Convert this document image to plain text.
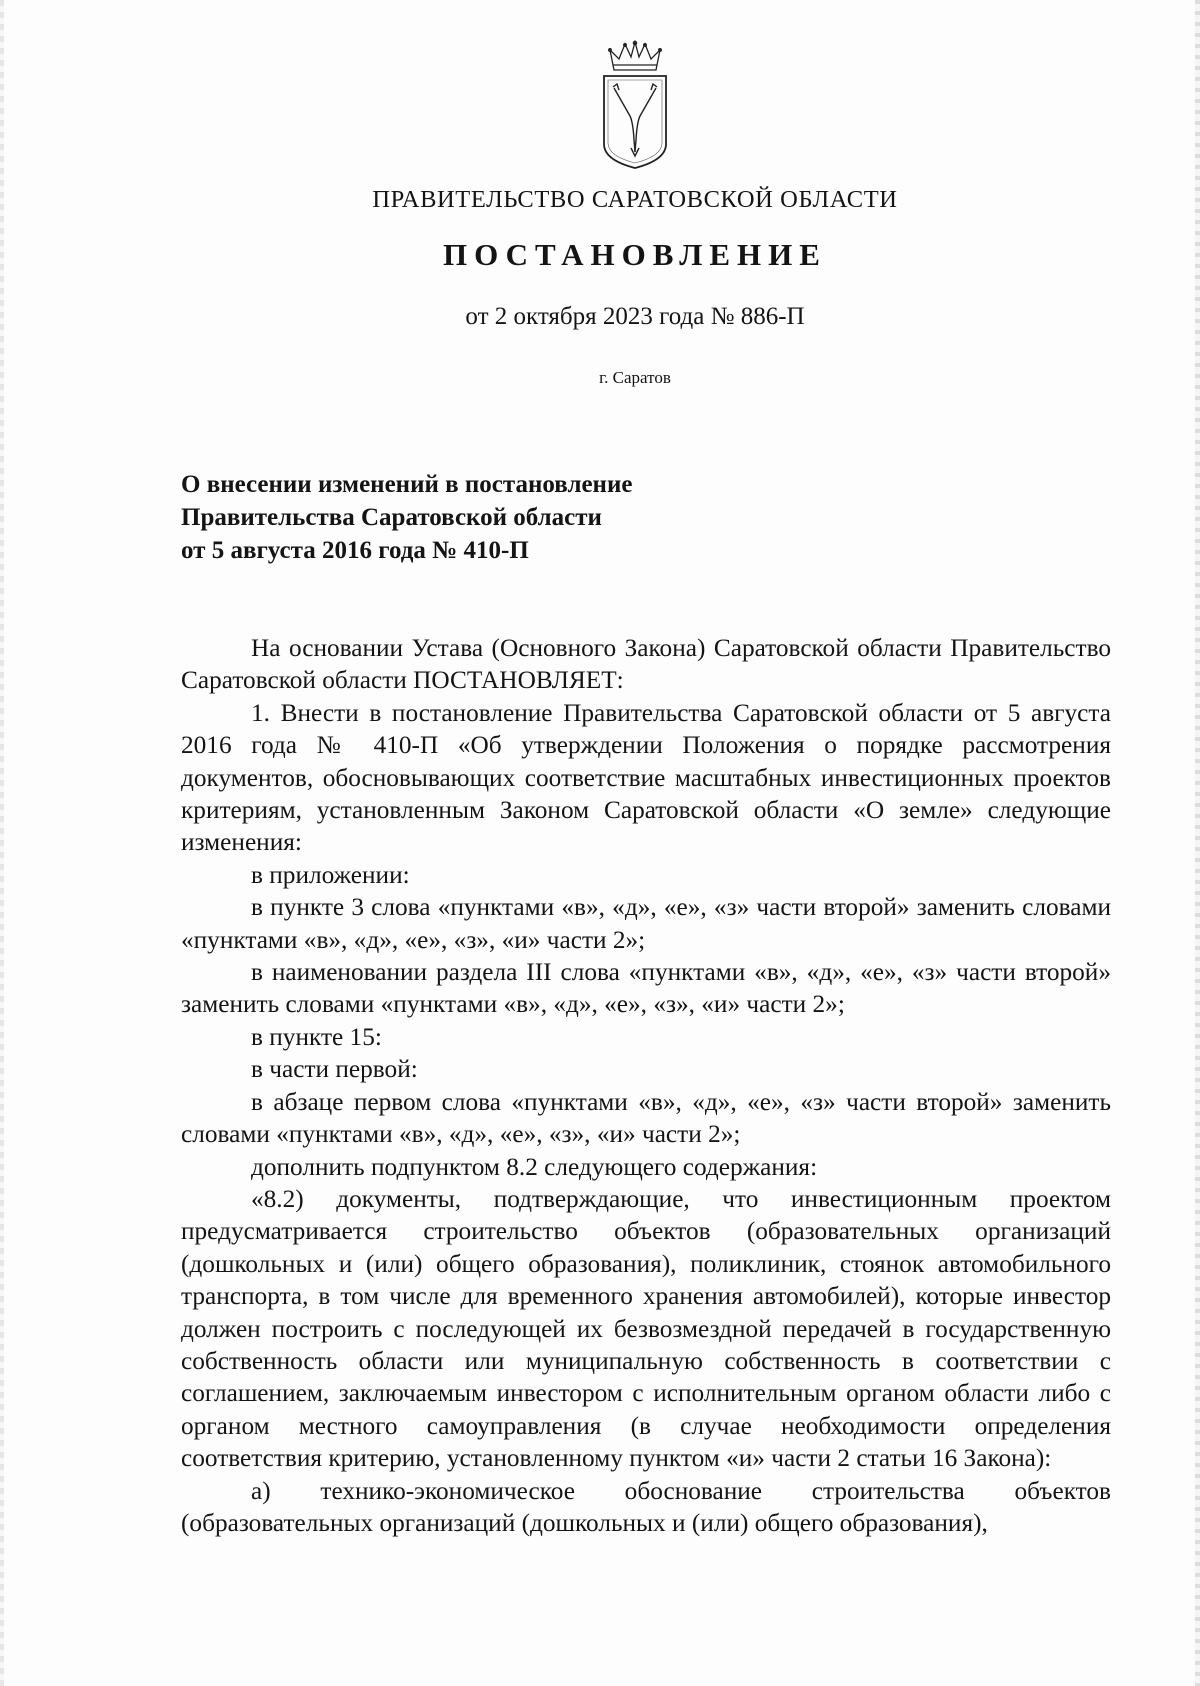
ПРАВИТЕЛЬСТВО САРАТОВСКОЙ ОБЛАСТИ
ПОСТАНОВЛЕНИЕ
от 2 октября 2023 года № 886-П
г. Саратов
О внесении изменений в постановление
Правительства Саратовской области
от 5 августа 2016 года № 410-П

На основании Устава (Основного Закона) Саратовской области Правительство Саратовской области ПОСТАНОВЛЯЕТ:

1. Внести в постановление Правительства Саратовской области от 5 августа 2016 года № 410-П «Об утверждении Положения о порядке рассмотрения документов, обосновывающих соответствие масштабных инвестиционных проектов критериям, установленным Законом Саратовской области «О земле» следующие изменения:

в приложении:

в пункте 3 слова «пунктами «в», «д», «е», «з» части второй» заменить словами «пунктами «в», «д», «е», «з», «и» части 2»;

в наименовании раздела III слова «пунктами «в», «д», «е», «з» части второй» заменить словами «пунктами «в», «д», «е», «з», «и» части 2»;

в пункте 15:

в части первой:

в абзаце первом слова «пунктами «в», «д», «е», «з» части второй» заменить словами «пунктами «в», «д», «е», «з», «и» части 2»;

дополнить подпунктом 8.2 следующего содержания:

«8.2) документы, подтверждающие, что инвестиционным проектом предусматривается строительство объектов (образовательных организаций (дошкольных и (или) общего образования), поликлиник, стоянок автомобильного транспорта, в том числе для временного хранения автомобилей), которые инвестор должен построить с последующей их безвозмездной передачей в государственную собственность области или муниципальную собственность в соответствии с соглашением, заключаемым инвестором с исполнительным органом области либо с органом местного самоуправления (в случае необходимости определения соответствия критерию, установленному пунктом «и» части 2 статьи 16 Закона):

а) технико-экономическое обоснование строительства объектов (образовательных организаций (дошкольных и (или) общего образования),
